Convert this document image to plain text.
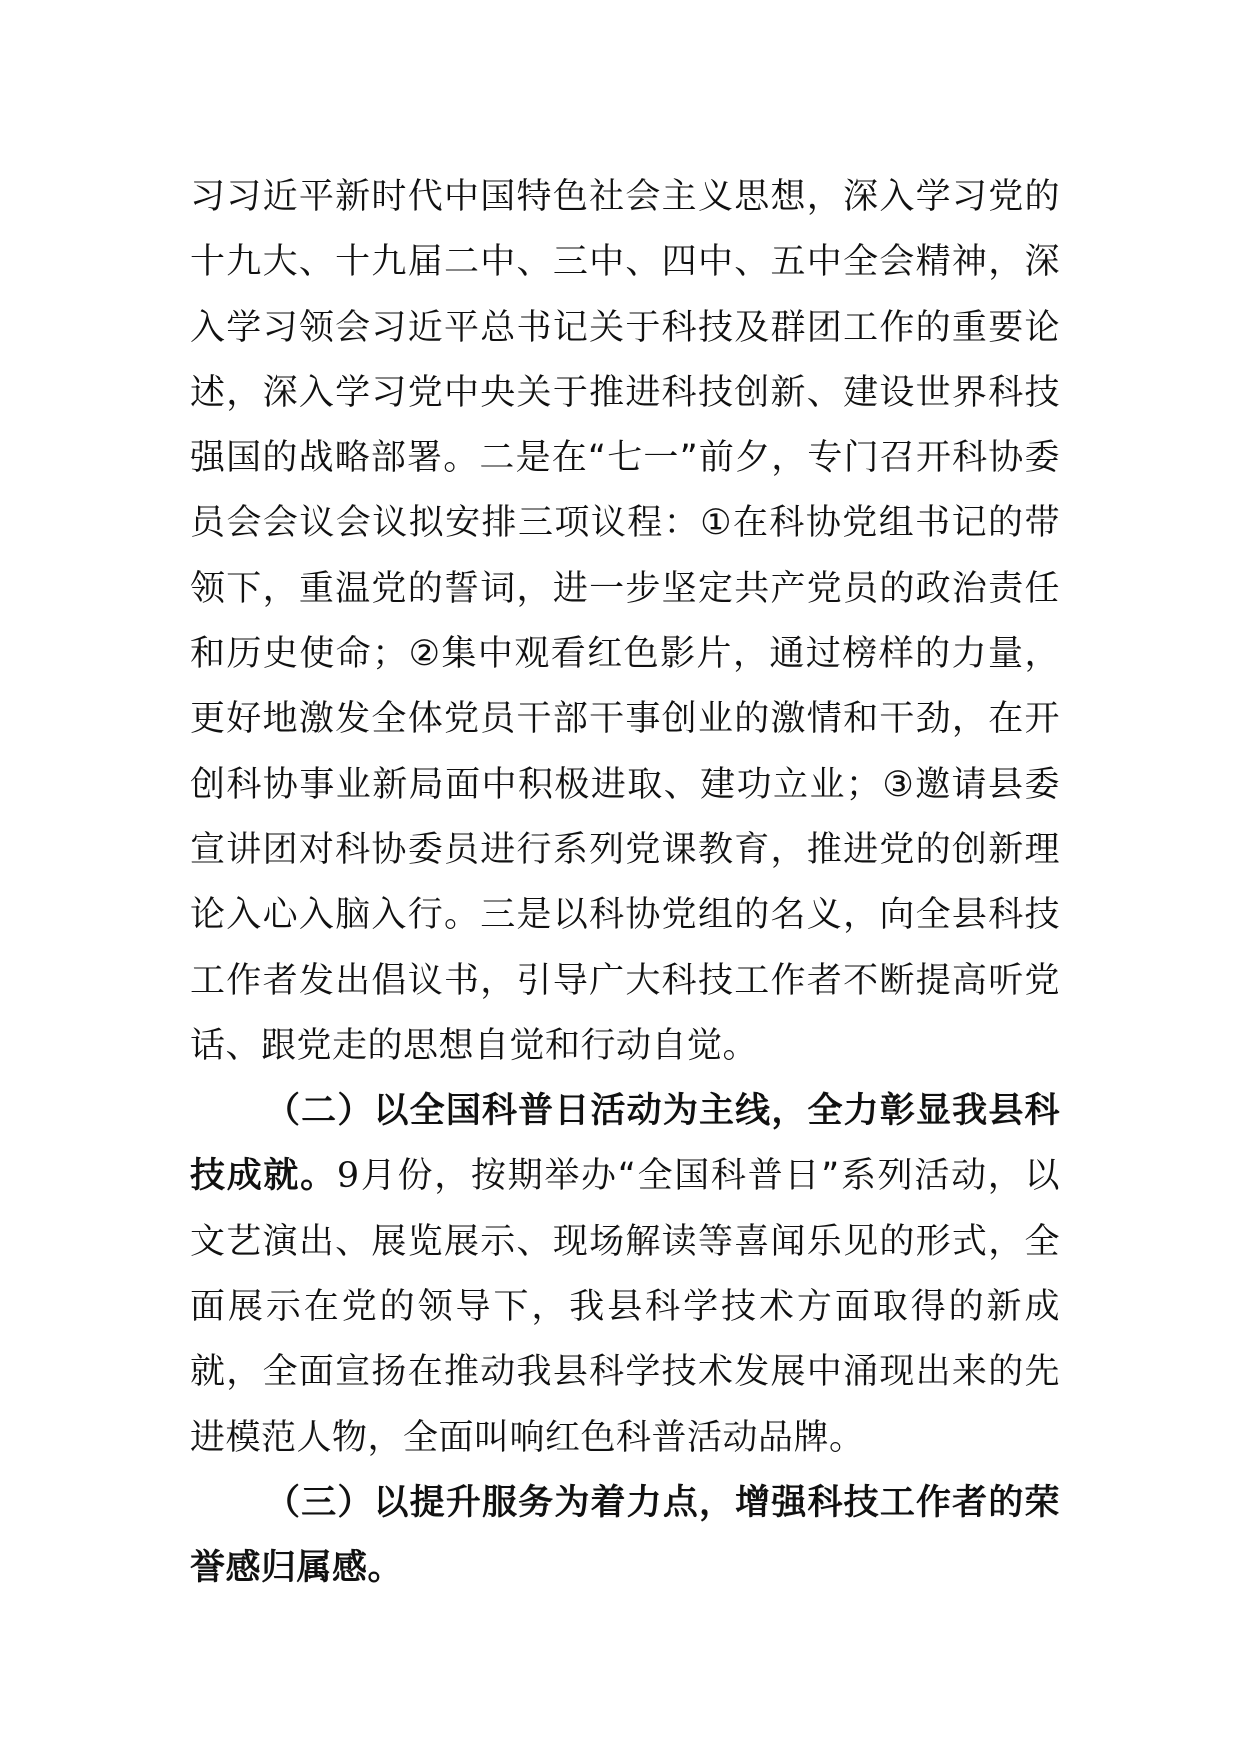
习习近平新时代中国特色社会主义思想，深入学习党的十九大、十九届二中、三中、四中、五中全会精神，深入学习领会习近平总书记关于科技及群团工作的重要论述，深入学习党中央关于推进科技创新、建设世界科技强国的战略部署。二是在“七一”前夕，专门召开科协委员会会议会议拟安排三项议程：①在科协党组书记的带领下，重温党的誓词，进一步坚定共产党员的政治责任和历史使命；②集中观看红色影片，通过榜样的力量，更好地激发全体党员干部干事创业的激情和干劲，在开创科协事业新局面中积极进取、建功立业；③邀请县委宣讲团对科协委员进行系列党课教育，推进党的创新理论入心入脑入行。三是以科协党组的名义，向全县科技工作者发出倡议书，引导广大科技工作者不断提高听党话、跟党走的思想自觉和行动自觉。

（二）以全国科普日活动为主线，全力彰显我县科技成就。9月份，按期举办“全国科普日”系列活动，以文艺演出、展览展示、现场解读等喜闻乐见的形式，全面展示在党的领导下，我县科学技术方面取得的新成就，全面宣扬在推动我县科学技术发展中涌现出来的先进模范人物，全面叫响红色科普活动品牌。

（三）以提升服务为着力点，增强科技工作者的荣誉感归属感。
